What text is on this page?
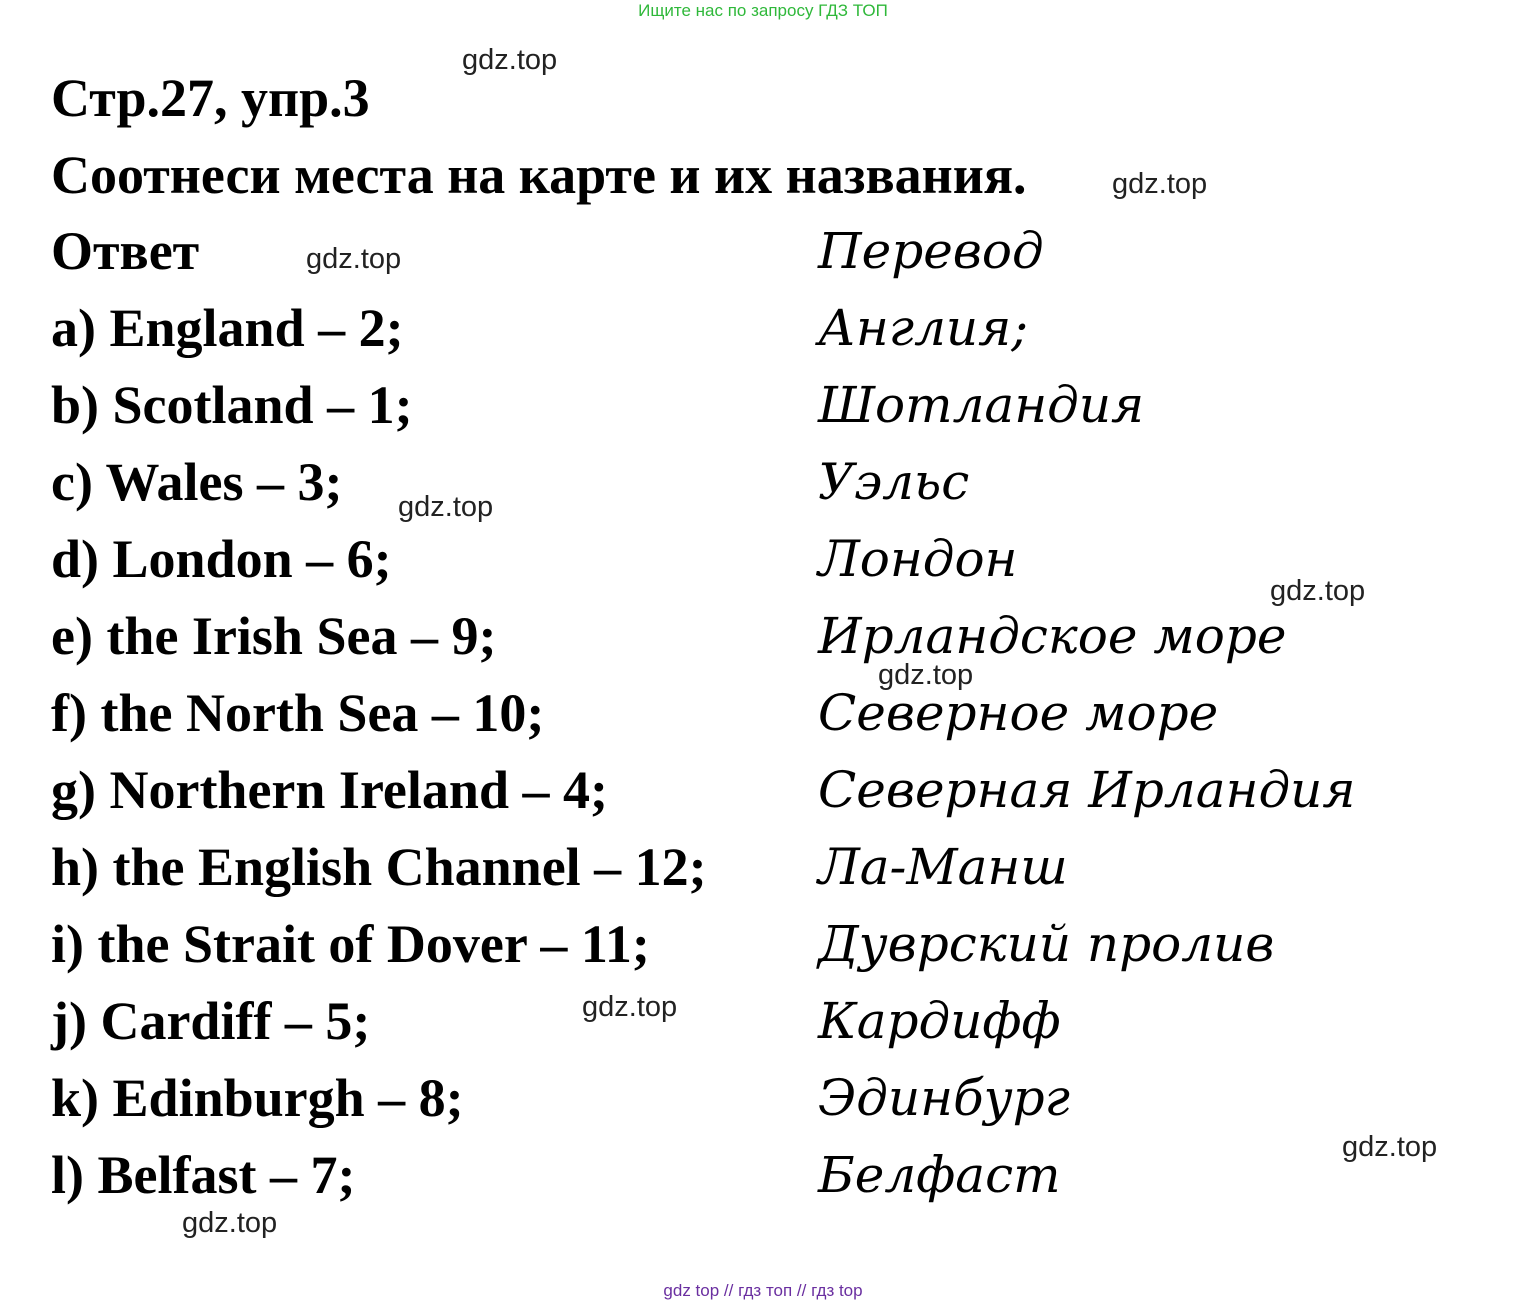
Ищите нас по запросу ГДЗ ТОП
Стр.27, упр.3
Соотнеси места на карте и их названия.
Ответ	Перевод
a) England – 2;	Англия;
b) Scotland – 1;	Шотландия
c) Wales – 3;	Уэльс
d) London – 6;	Лондон
e) the Irish Sea – 9;	Ирландское море
f) the North Sea – 10;	Северное море
g) Northern Ireland – 4;	Северная Ирландия
h) the English Channel – 12; Ла-Манш
i) the Strait of Dover – 11;	Дуврский пролив
j) Cardiff – 5;	Кардифф
k) Edinburgh – 8;	Эдинбург
l) Belfast – 7;	Белфаст
gdz.top
gdz.top
gdz.top
gdz.top
gdz.top
gdz.top
gdz.top
gdz.top
gdz.top
gdz top // гдз топ // гдз top
